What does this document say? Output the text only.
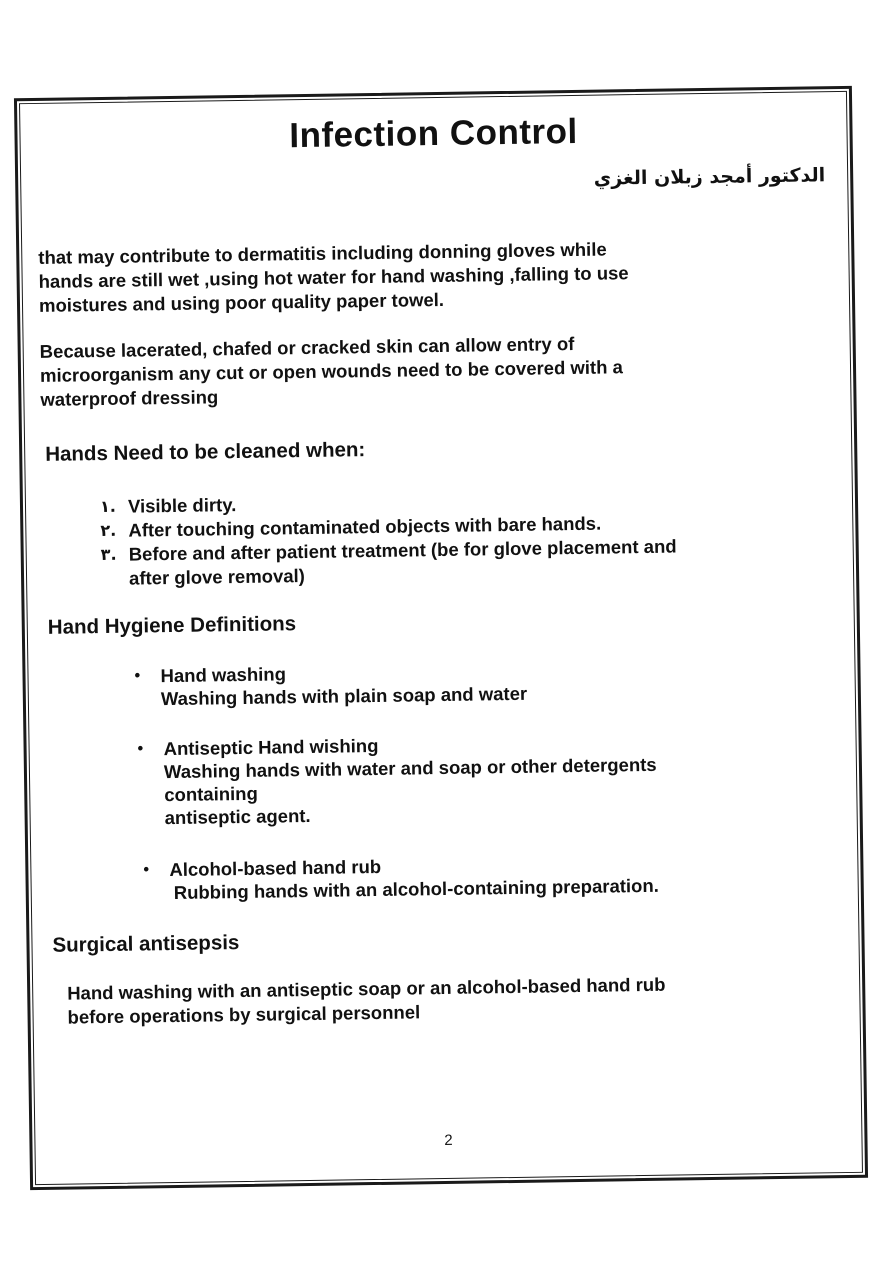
Infection Control
الدكتور أمجد زبلان الغزي

that may contribute to dermatitis including donning gloves while
hands are still wet ,using hot water for hand washing ,falling to use
moistures and using poor quality paper towel.

Because lacerated, chafed or cracked skin can allow entry of
microorganism any cut or open wounds need to be covered with a
waterproof dressing

Hands Need to be cleaned when:
١. Visible dirty.
٢. After touching contaminated objects with bare hands.
٣. Before and after patient treatment (be for glove placement and
after glove removal)
Hand Hygiene Definitions
•	Hand washing
Washing hands with plain soap and water
•	Antiseptic Hand wishing
Washing hands with water and soap or other detergents
containing
antiseptic agent.
•	Alcohol-based hand rub
Rubbing hands with an alcohol-containing preparation.
Surgical antisepsis

Hand washing with an antiseptic soap or an alcohol-based hand rub
before operations by surgical personnel

2
